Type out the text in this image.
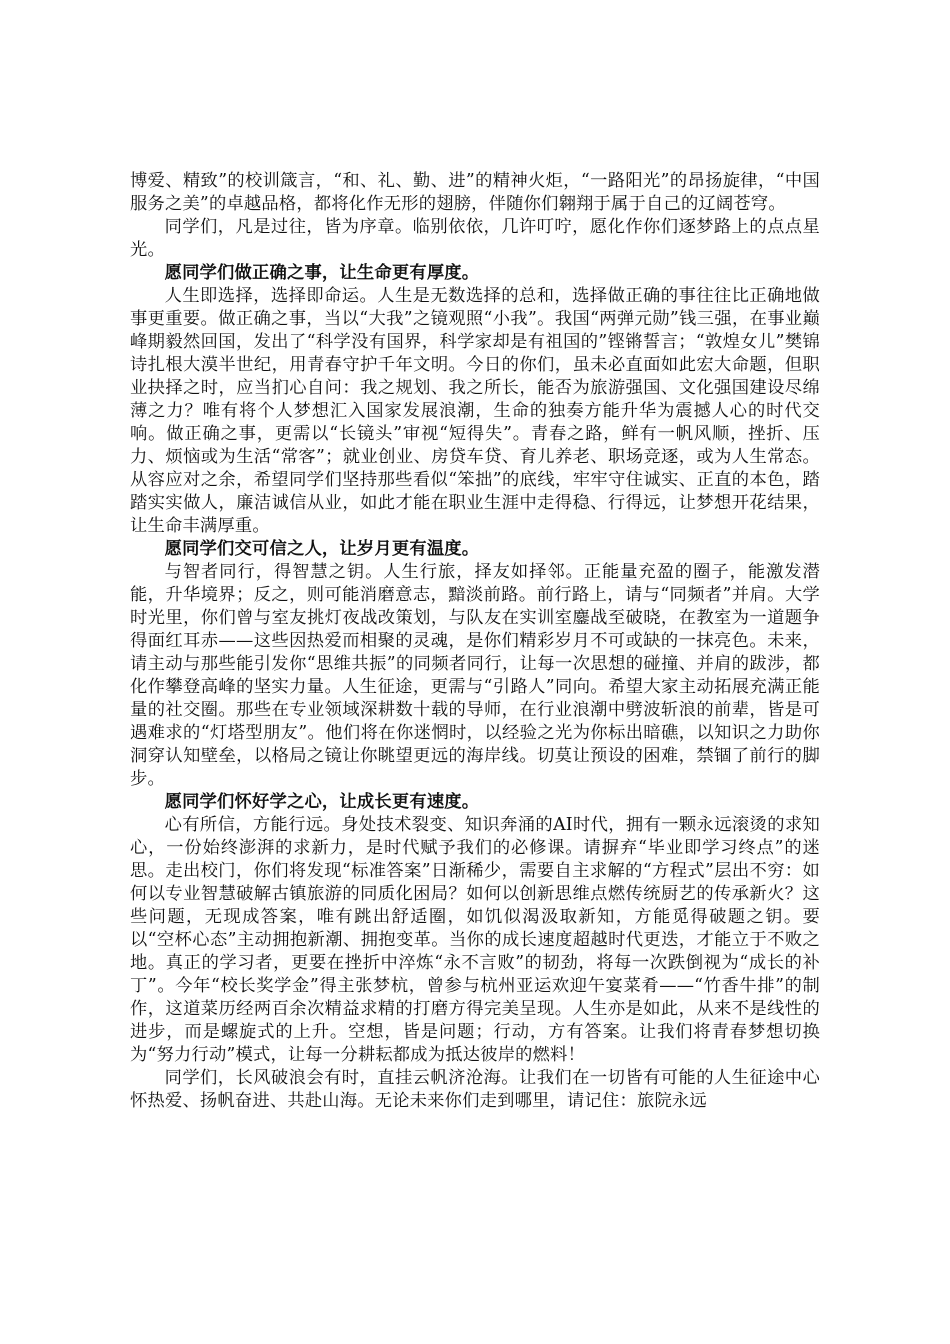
博爱、精致”的校训箴言，“和、礼、勤、进”的精神火炬，“一路阳光”的昂扬旋律，“中国服务之美”的卓越品格，都将化作无形的翅膀，伴随你们翱翔于属于自己的辽阔苍穹。

同学们，凡是过往，皆为序章。临别依依，几许叮咛，愿化作你们逐梦路上的点点星光。

愿同学们做正确之事，让生命更有厚度。

人生即选择，选择即命运。人生是无数选择的总和，选择做正确的事往往比正确地做事更重要。做正确之事，当以“大我”之镜观照“小我”。我国“两弹元勋”钱三强，在事业巅峰期毅然回国，发出了“科学没有国界，科学家却是有祖国的”铿锵誓言；“敦煌女儿”樊锦诗扎根大漠半世纪，用青春守护千年文明。今日的你们，虽未必直面如此宏大命题，但职业抉择之时，应当扪心自问：我之规划、我之所长，能否为旅游强国、文化强国建设尽绵薄之力？唯有将个人梦想汇入国家发展浪潮，生命的独奏方能升华为震撼人心的时代交响。做正确之事，更需以“长镜头”审视“短得失”。青春之路，鲜有一帆风顺，挫折、压力、烦恼或为生活“常客”；就业创业、房贷车贷、育儿养老、职场竞逐，或为人生常态。从容应对之余，希望同学们坚持那些看似“笨拙”的底线，牢牢守住诚实、正直的本色，踏踏实实做人，廉洁诚信从业，如此才能在职业生涯中走得稳、行得远，让梦想开花结果，让生命丰满厚重。

愿同学们交可信之人，让岁月更有温度。

与智者同行，得智慧之钥。人生行旅，择友如择邻。正能量充盈的圈子，能激发潜能，升华境界；反之，则可能消磨意志，黯淡前路。前行路上，请与“同频者”并肩。大学时光里，你们曾与室友挑灯夜战改策划，与队友在实训室鏖战至破晓，在教室为一道题争得面红耳赤——这些因热爱而相聚的灵魂，是你们精彩岁月不可或缺的一抹亮色。未来，请主动与那些能引发你“思维共振”的同频者同行，让每一次思想的碰撞、并肩的跋涉，都化作攀登高峰的坚实力量。人生征途，更需与“引路人”同向。希望大家主动拓展充满正能量的社交圈。那些在专业领域深耕数十载的导师，在行业浪潮中劈波斩浪的前辈，皆是可遇难求的“灯塔型朋友”。他们将在你迷惘时，以经验之光为你标出暗礁，以知识之力助你洞穿认知壁垒，以格局之镜让你眺望更远的海岸线。切莫让预设的困难，禁锢了前行的脚步。

愿同学们怀好学之心，让成长更有速度。

心有所信，方能行远。身处技术裂变、知识奔涌的AI时代，拥有一颗永远滚烫的求知心，一份始终澎湃的求新力，是时代赋予我们的必修课。请摒弃“毕业即学习终点”的迷思。走出校门，你们将发现“标准答案”日渐稀少，需要自主求解的“方程式”层出不穷：如何以专业智慧破解古镇旅游的同质化困局？如何以创新思维点燃传统厨艺的传承新火？这些问题，无现成答案，唯有跳出舒适圈，如饥似渴汲取新知，方能觅得破题之钥。要以“空杯心态”主动拥抱新潮、拥抱变革。当你的成长速度超越时代更迭，才能立于不败之地。真正的学习者，更要在挫折中淬炼“永不言败”的韧劲，将每一次跌倒视为“成长的补丁”。今年“校长奖学金”得主张梦杭，曾参与杭州亚运欢迎午宴菜肴——“竹香牛排”的制作，这道菜历经两百余次精益求精的打磨方得完美呈现。人生亦是如此，从来不是线性的进步，而是螺旋式的上升。空想，皆是问题；行动，方有答案。让我们将青春梦想切换为“努力行动”模式，让每一分耕耘都成为抵达彼岸的燃料！

同学们，长风破浪会有时，直挂云帆济沧海。让我们在一切皆有可能的人生征途中心怀热爱、扬帆奋进、共赴山海。无论未来你们走到哪里，请记住：旅院永远
